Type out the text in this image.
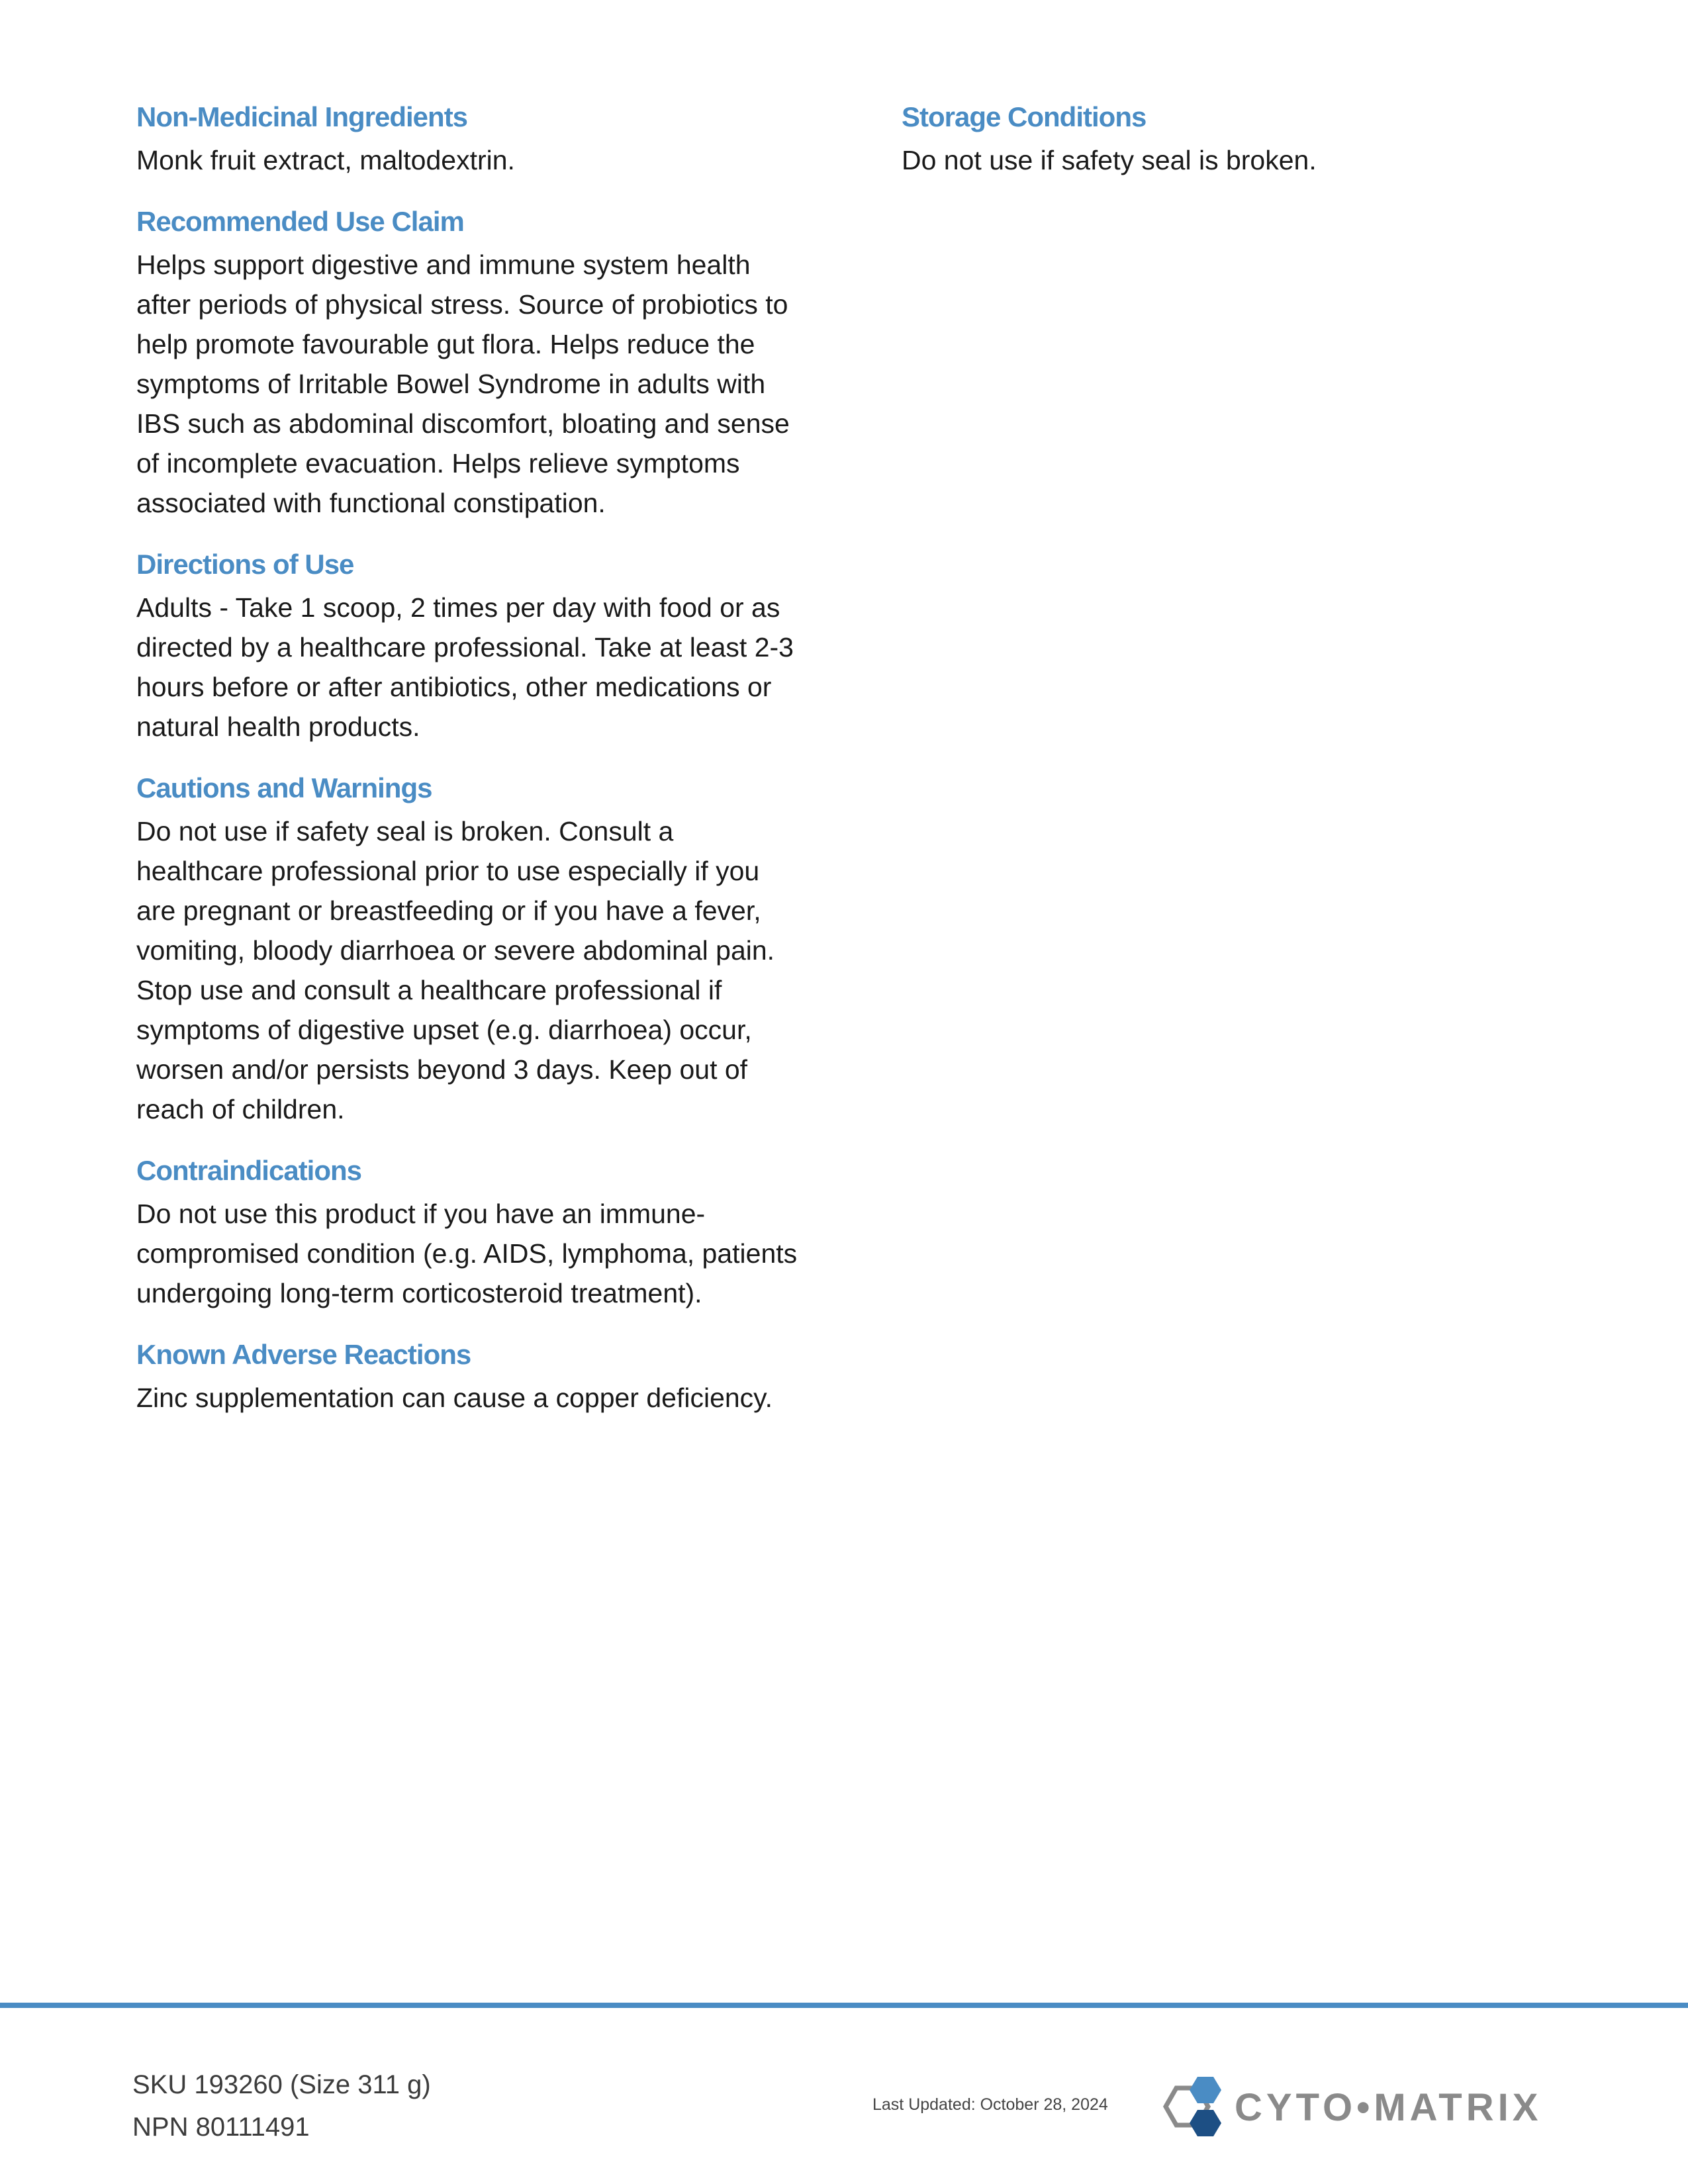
Non-Medicinal Ingredients

Monk fruit extract, maltodextrin.

Recommended Use Claim

Helps support digestive and immune system health after periods of physical stress. Source of probiotics to help promote favourable gut flora. Helps reduce the symptoms of Irritable Bowel Syndrome in adults with IBS such as abdominal discomfort, bloating and sense of incomplete evacuation. Helps relieve symptoms associated with functional constipation.

Directions of Use

Adults - Take 1 scoop, 2 times per day with food or as directed by a healthcare professional. Take at least 2-3 hours before or after antibiotics, other medications or natural health products.

Cautions and Warnings

Do not use if safety seal is broken. Consult a healthcare professional prior to use especially if you are pregnant or breastfeeding or if you have a fever, vomiting, bloody diarrhoea or severe abdominal pain. Stop use and consult a healthcare professional if symptoms of digestive upset (e.g. diarrhoea) occur, worsen and/or persists beyond 3 days. Keep out of reach of children.

Contraindications

Do not use this product if you have an immune-compromised condition (e.g. AIDS, lymphoma, patients undergoing long-term corticosteroid treatment).

Known Adverse Reactions

Zinc supplementation can cause a copper deficiency.

Storage Conditions

Do not use if safety seal is broken.

SKU 193260 (Size 311 g)
NPN 80111491
Last Updated: October 28, 2024	CYTO•MATRIX
